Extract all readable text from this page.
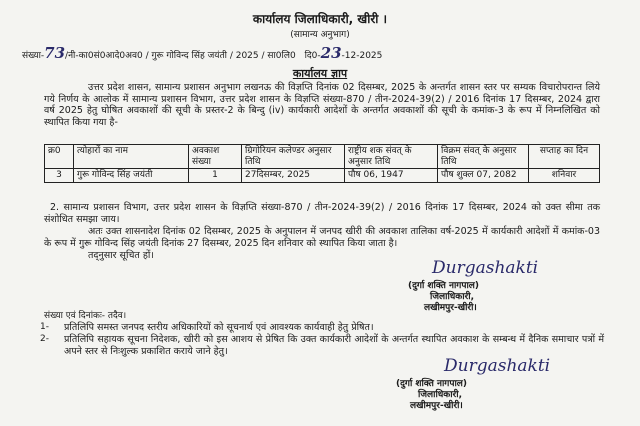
कार्यालय जिलाधिकारी, खीरी ।
(सामान्य अनुभाग)
संख्या-73/नी-का0सं0आदे0अव0 / गुरू गोविन्द सिंह जयंती / 2025 / सा0लि0 दि0-23-12-2025
कार्यालय ज्ञाप
उत्तर प्रदेश शासन, सामान्य प्रशासन अनुभाग लखनऊ की विज्ञप्ति दिनांक 02 दिसम्बर, 2025 के अन्तर्गत शासन स्तर पर सम्यक विचारोपरान्त लिये गये निर्णय के आलोक में सामान्य प्रशासन विभाग, उत्तर प्रदेश शासन के विज्ञप्ति संख्या-870 / तीन-2024-39(2) / 2016 दिनांक 17 दिसम्बर, 2024 द्वारा वर्ष 2025 हेतु घोषित अवकाशों की सूची के प्रस्तर-2 के बिन्दु (iv) कार्यकारी आदेशों के अन्तर्गत अवकाशों की सूची के कमांक-3 के रूप में निम्नलिखित को स्थापित किया गया है-
क्र0	त्योहारों का नाम	अवकाश संख्या	ग्रिगोरियन कलेण्डर अनुसार तिथि	राष्ट्रीय शक संवत् के अनुसार तिथि	विक्रम संवत् के अनुसार तिथि	सप्ताह का दिन
3	गुरू गोविन्द सिंह जयंती	1	27दिसम्बर, 2025	पौष 06, 1947	पौष शुक्ल 07, 2082	शनिवार
2. सामान्य प्रशासन विभाग, उत्तर प्रदेश शासन के विज्ञप्ति संख्या-870 / तीन-2024-39(2) / 2016 दिनांक 17 दिसम्बर, 2024 को उक्त सीमा तक संशोधित समझा जाय।
अतः उक्त शासनादेश दिनांक 02 दिसम्बर, 2025 के अनुपालन में जनपद खीरी की अवकाश तालिका वर्ष-2025 में कार्यकारी आदेशों में कमांक-03 के रूप में गुरू गोविन्द सिंह जयंती दिनांक 27 दिसम्बर, 2025 दिन शनिवार को स्थापित किया जाता है।
तद्नुसार सूचित हों।
Durgashakti
(दुर्गा शक्ति नागपाल)
जिलाधिकारी,
लखीमपुर-खीरी।
संख्या एवं दिनांकः- तदैव।
1- प्रतिलिपि समस्त जनपद स्तरीय अधिकारियों को सूचनार्थ एवं आवश्यक कार्यवाही हेतु प्रेषित।
2- प्रतिलिपि सहायक सूचना निदेशक, खीरी को इस आशय से प्रेषित कि उक्त कार्यकारी आदेशों के अन्तर्गत स्थापित अवकाश के सम्बन्ध में दैनिक समाचार पत्रों में अपने स्तर से निःशुल्क प्रकाशित कराये जाने हेतु।
Durgashakti
(दुर्गा शक्ति नागपाल)
जिलाधिकारी,
लखीमपुर-खीरी।
